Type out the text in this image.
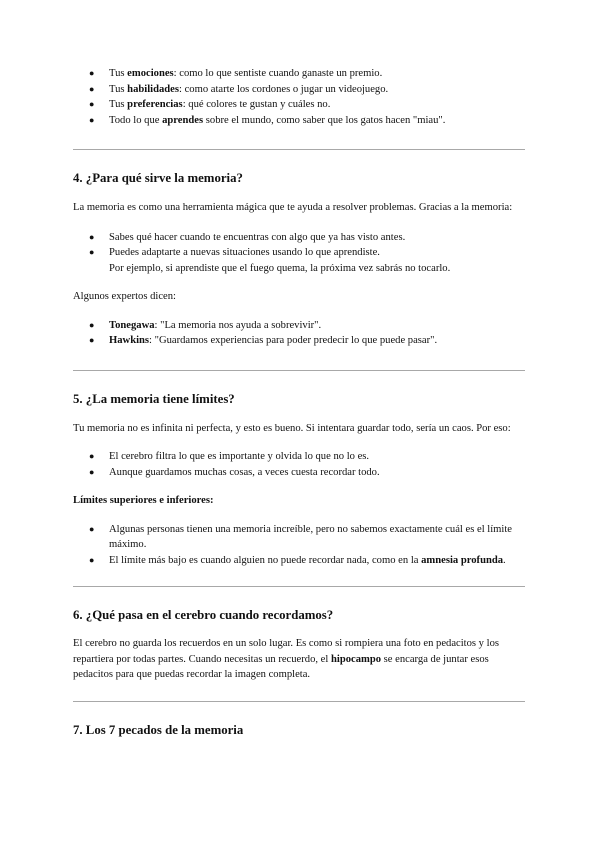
● Tus emociones: como lo que sentiste cuando ganaste un premio.
● Tus habilidades: como atarte los cordones o jugar un videojuego.
● Tus preferencias: qué colores te gustan y cuáles no.
● Todo lo que aprendes sobre el mundo, como saber que los gatos hacen "miau".
4. ¿Para qué sirve la memoria?

La memoria es como una herramienta mágica que te ayuda a resolver problemas. Gracias a la memoria:

● Sabes qué hacer cuando te encuentras con algo que ya has visto antes.
● Puedes adaptarte a nuevas situaciones usando lo que aprendiste.
Por ejemplo, si aprendiste que el fuego quema, la próxima vez sabrás no tocarlo.

Algunos expertos dicen:

● Tonegawa: "La memoria nos ayuda a sobrevivir".
● Hawkins: "Guardamos experiencias para poder predecir lo que puede pasar".
5. ¿La memoria tiene límites?

Tu memoria no es infinita ni perfecta, y esto es bueno. Si intentara guardar todo, sería un caos. Por eso:

● El cerebro filtra lo que es importante y olvida lo que no lo es.
● Aunque guardamos muchas cosas, a veces cuesta recordar todo.

Límites superiores e inferiores:

● Algunas personas tienen una memoria increíble, pero no sabemos exactamente cuál es el límite máximo.
● El límite más bajo es cuando alguien no puede recordar nada, como en la amnesia profunda.
6. ¿Qué pasa en el cerebro cuando recordamos?

El cerebro no guarda los recuerdos en un solo lugar. Es como si rompiera una foto en pedacitos y los repartiera por todas partes. Cuando necesitas un recuerdo, el hipocampo se encarga de juntar esos pedacitos para que puedas recordar la imagen completa.

7. Los 7 pecados de la memoria
